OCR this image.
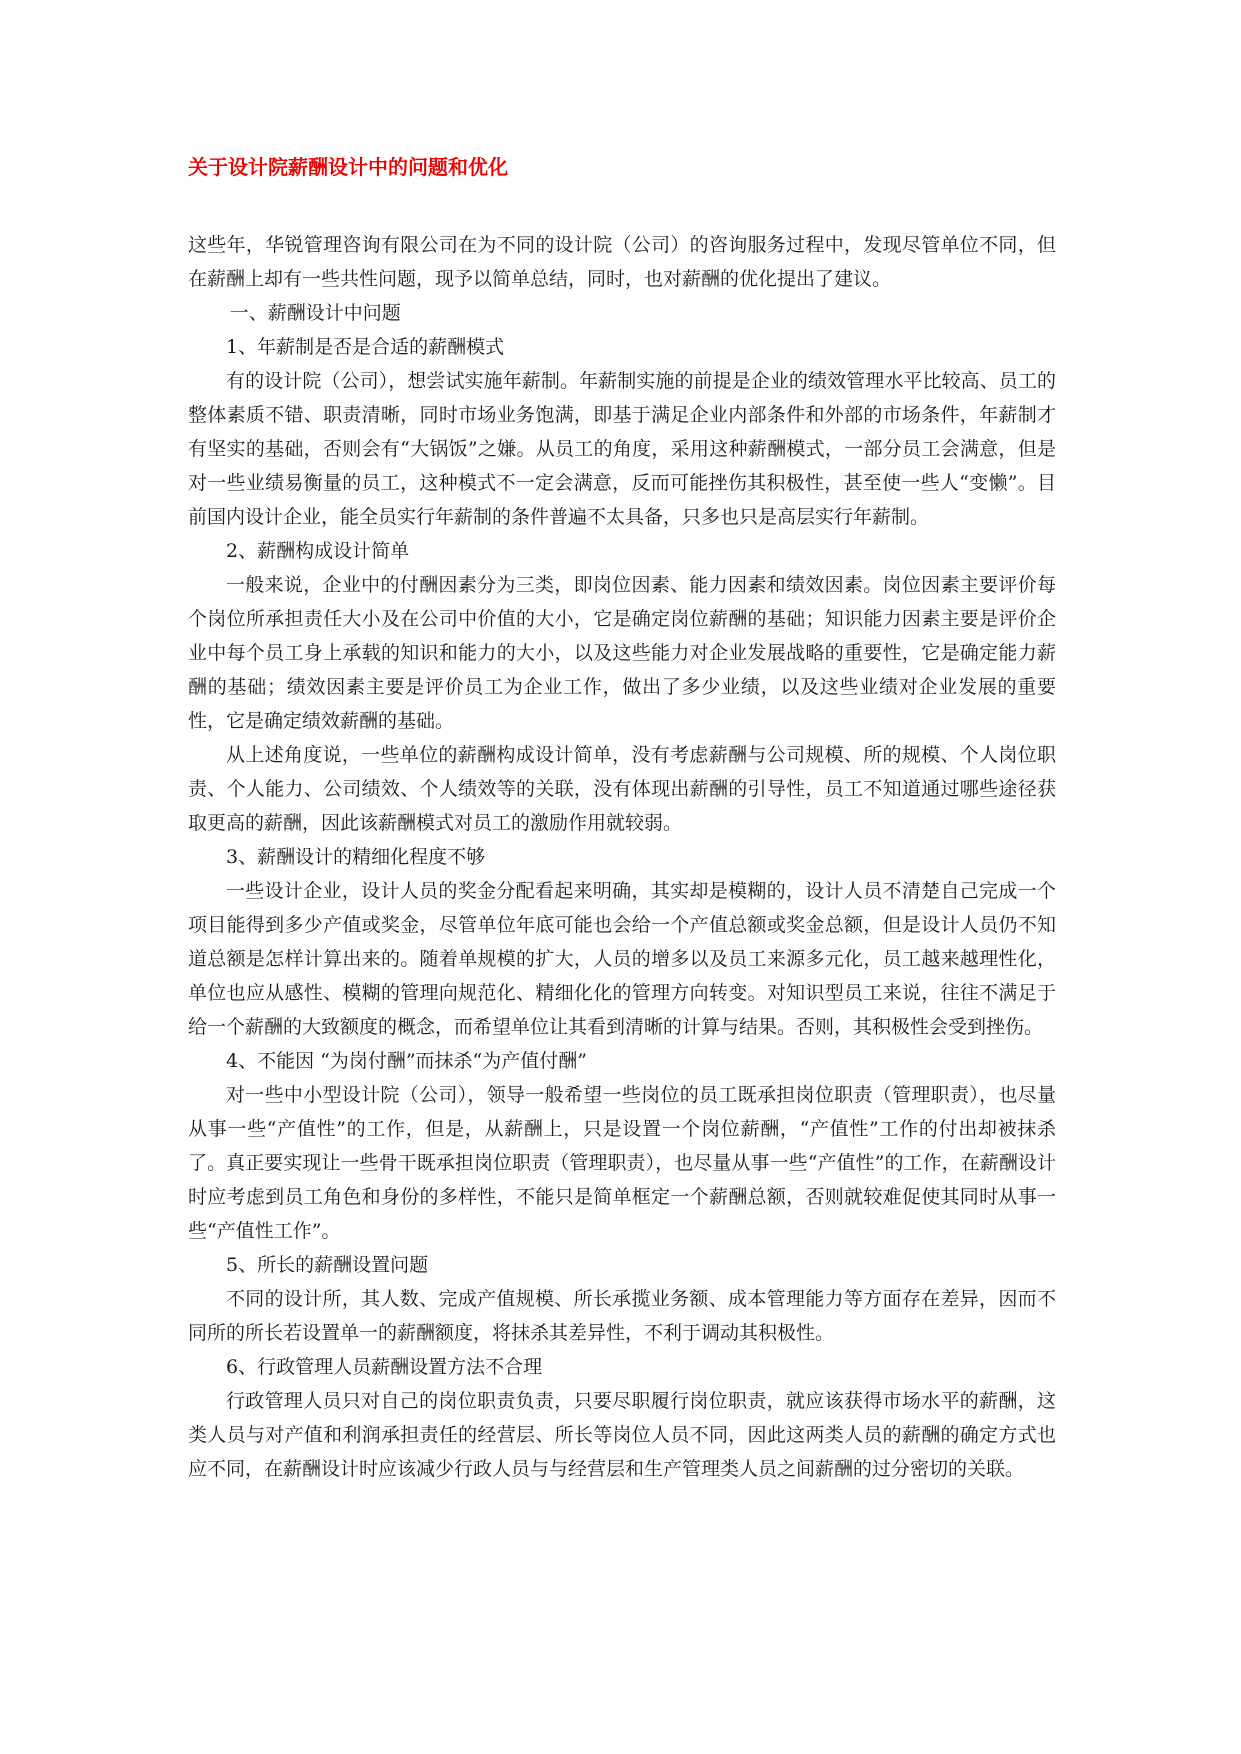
关于设计院薪酬设计中的问题和优化

这些年，华锐管理咨询有限公司在为不同的设计院（公司）的咨询服务过程中，发现尽管单位不同，但在薪酬上却有一些共性问题，现予以简单总结，同时，也对薪酬的优化提出了建议。

一、薪酬设计中问题

1、年薪制是否是合适的薪酬模式

有的设计院（公司），想尝试实施年薪制。年薪制实施的前提是企业的绩效管理水平比较高、员工的整体素质不错、职责清晰，同时市场业务饱满，即基于满足企业内部条件和外部的市场条件，年薪制才有坚实的基础，否则会有“大锅饭”之嫌。从员工的角度，采用这种薪酬模式，一部分员工会满意，但是对一些业绩易衡量的员工，这种模式不一定会满意，反而可能挫伤其积极性，甚至使一些人“变懒”。目前国内设计企业，能全员实行年薪制的条件普遍不太具备，只多也只是高层实行年薪制。

2、薪酬构成设计简单

一般来说，企业中的付酬因素分为三类，即岗位因素、能力因素和绩效因素。岗位因素主要评价每个岗位所承担责任大小及在公司中价值的大小，它是确定岗位薪酬的基础；知识能力因素主要是评价企业中每个员工身上承载的知识和能力的大小，以及这些能力对企业发展战略的重要性，它是确定能力薪酬的基础；绩效因素主要是评价员工为企业工作，做出了多少业绩，以及这些业绩对企业发展的重要性，它是确定绩效薪酬的基础。

从上述角度说，一些单位的薪酬构成设计简单，没有考虑薪酬与公司规模、所的规模、个人岗位职责、个人能力、公司绩效、个人绩效等的关联，没有体现出薪酬的引导性，员工不知道通过哪些途径获取更高的薪酬，因此该薪酬模式对员工的激励作用就较弱。

3、薪酬设计的精细化程度不够

一些设计企业，设计人员的奖金分配看起来明确，其实却是模糊的，设计人员不清楚自己完成一个项目能得到多少产值或奖金，尽管单位年底可能也会给一个产值总额或奖金总额，但是设计人员仍不知道总额是怎样计算出来的。随着单规模的扩大，人员的增多以及员工来源多元化，员工越来越理性化，单位也应从感性、模糊的管理向规范化、精细化化的管理方向转变。对知识型员工来说，往往不满足于给一个薪酬的大致额度的概念，而希望单位让其看到清晰的计算与结果。否则，其积极性会受到挫伤。

4、不能因 “为岗付酬”而抹杀“为产值付酬”

对一些中小型设计院（公司），领导一般希望一些岗位的员工既承担岗位职责（管理职责），也尽量从事一些“产值性”的工作，但是，从薪酬上，只是设置一个岗位薪酬，“产值性”工作的付出却被抹杀了。真正要实现让一些骨干既承担岗位职责（管理职责），也尽量从事一些“产值性”的工作，在薪酬设计时应考虑到员工角色和身份的多样性，不能只是简单框定一个薪酬总额，否则就较难促使其同时从事一些“产值性工作”。

5、所长的薪酬设置问题

不同的设计所，其人数、完成产值规模、所长承揽业务额、成本管理能力等方面存在差异，因而不同所的所长若设置单一的薪酬额度，将抹杀其差异性，不利于调动其积极性。

6、行政管理人员薪酬设置方法不合理

行政管理人员只对自己的岗位职责负责，只要尽职履行岗位职责，就应该获得市场水平的薪酬，这类人员与对产值和利润承担责任的经营层、所长等岗位人员不同，因此这两类人员的薪酬的确定方式也应不同，在薪酬设计时应该减少行政人员与与经营层和生产管理类人员之间薪酬的过分密切的关联。
